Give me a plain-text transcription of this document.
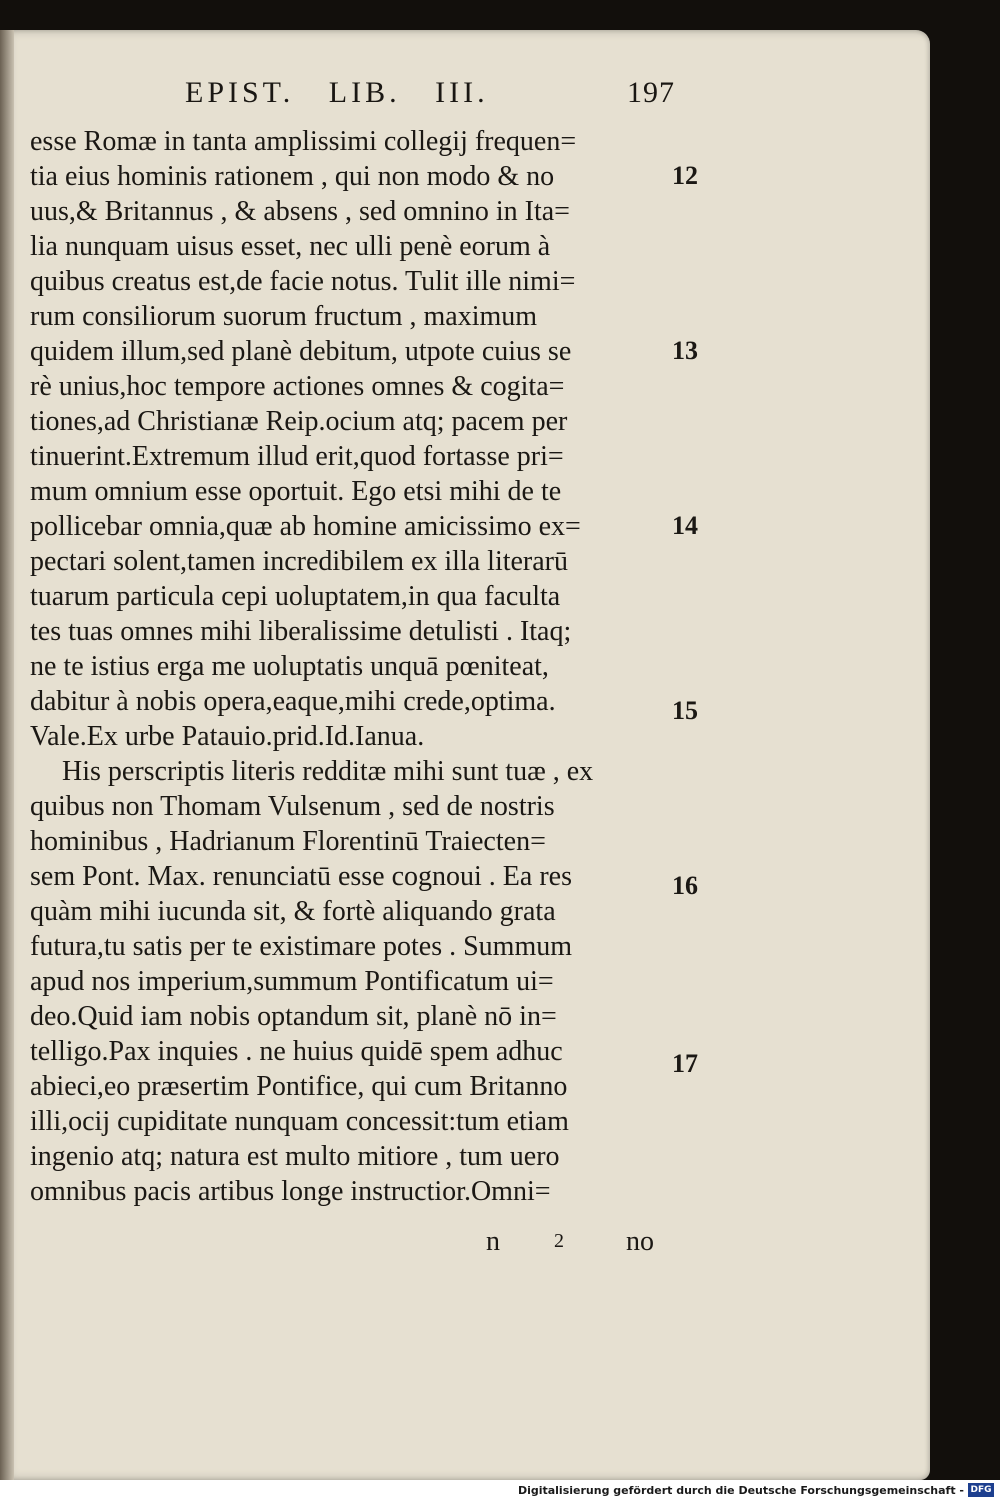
EPIST.   LIB.   III.	197
esse Romæ in tanta amplissimi collegij frequen=
tia eius hominis rationem , qui non modo & no
uus,& Britannus , & absens , sed omnino in Ita=
lia nunquam uisus esset, nec ulli penè eorum à
quibus creatus est,de facie notus. Tulit ille nimi=
rum consiliorum suorum fructum , maximum
quidem illum,sed planè debitum, utpote cuius se
rè unius,hoc tempore actiones omnes & cogita=
tiones,ad Christianæ Reip.ocium atq; pacem per
tinuerint.Extremum illud erit,quod fortasse pri=
mum omnium esse oportuit. Ego etsi mihi de te
pollicebar omnia,quæ ab homine amicissimo ex=
pectari solent,tamen incredibilem ex illa literarū
tuarum particula cepi uoluptatem,in qua faculta
tes tuas omnes mihi liberalissime detulisti . Itaq;
ne te istius erga me uoluptatis unquā pœniteat,
dabitur à nobis opera,eaque,mihi crede,optima.
Vale.Ex urbe Patauio.prid.Id.Ianua.
His perscriptis literis redditæ mihi sunt tuæ , ex
quibus non Thomam Vulsenum , sed de nostris
hominibus , Hadrianum Florentinū Traiecten=
sem Pont. Max. renunciatū esse cognoui . Ea res
quàm mihi iucunda sit, & fortè aliquando grata
futura,tu satis per te existimare potes . Summum
apud nos imperium,summum Pontificatum ui=
deo.Quid iam nobis optandum sit, planè nō in=
telligo.Pax inquies . ne huius quidē spem adhuc
abieci,eo præsertim Pontifice, qui cum Britanno
illi,ocij cupiditate nunquam concessit:tum etiam
ingenio atq; natura est multo mitiore , tum uero
omnibus pacis artibus longe instructior.Omni=
12
13
14
15
16
17
n	2 no
Digitalisierung gefördert durch die Deutsche Forschungsgemeinschaft - DFG
